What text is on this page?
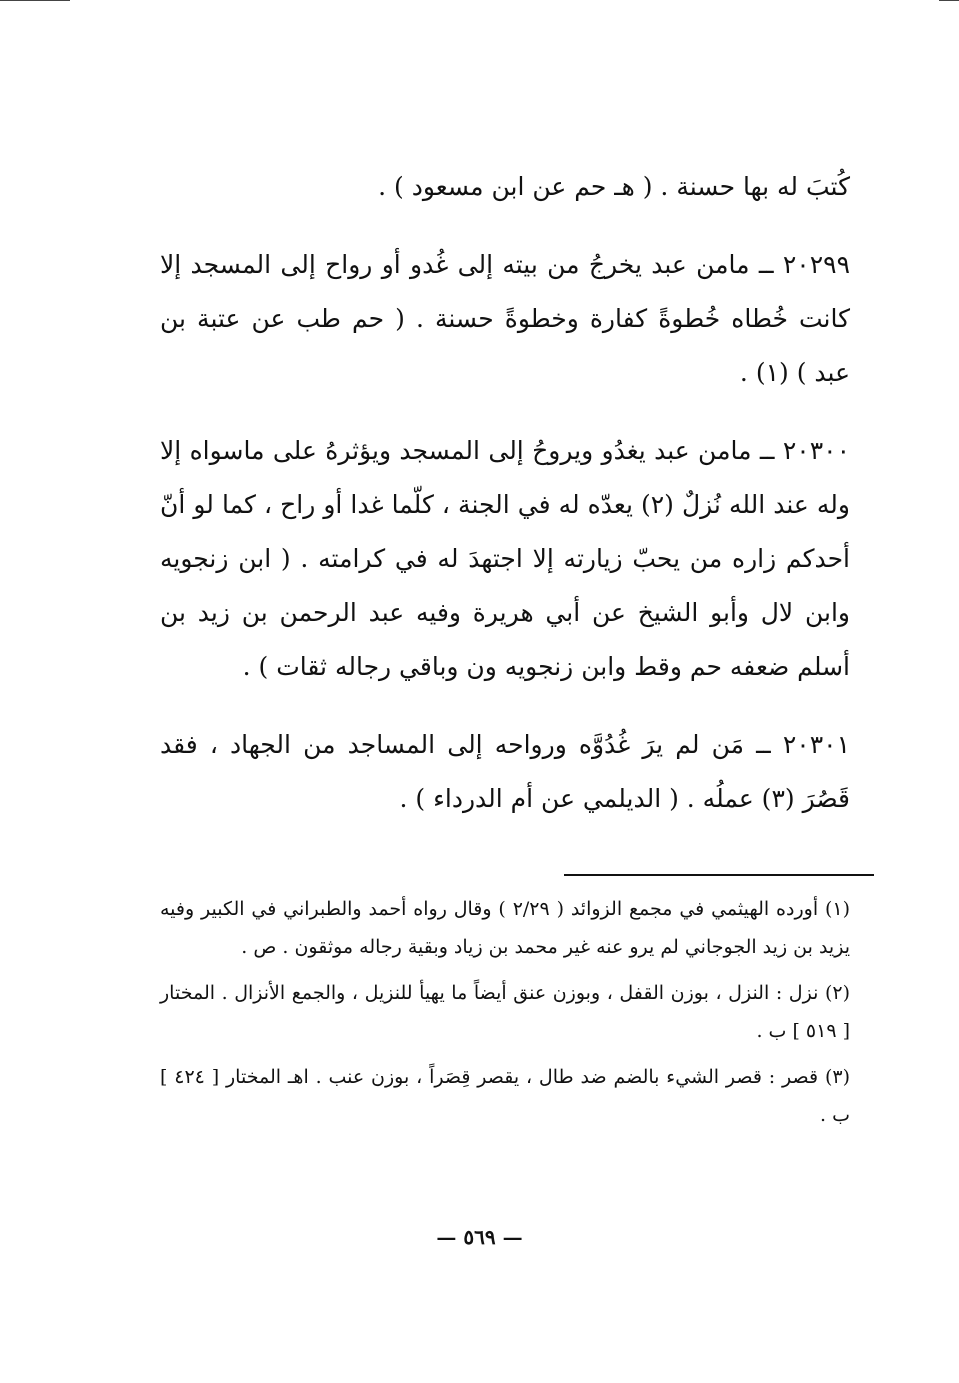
كُتبَ له بها حسنة . ( هـ حم عن ابن مسعود ) .

٢٠٢٩٩ ــ مامن عبد يخرجُ من بيته إلى غُدو أو رواح إلى المسجد إلا كانت خُطاه خُطوةً كفارة وخطوةً حسنة . ( حم طب عن عتبة بن عبد ) (١) .

٢٠٣٠٠ ــ مامن عبد يغدُو ويروحُ إلى المسجد ويؤثرهُ على ماسواه إلا وله عند الله نُزلٌ (٢) يعدّه له في الجنة ، كلّما غدا أو راح ، كما لو أنّ أحدكم زاره من يحبّ زيارته إلا اجتهدَ له في كرامته . ( ابن زنجويه وابن لال وأبو الشيخ عن أبي هريرة وفيه عبد الرحمن بن زيد بن أسلم ضعفه حم وقط وابن زنجويه ون وباقي رجاله ثقات ) .

٢٠٣٠١ ــ مَن لم يرَ غُدُوَّه ورواحه إلى المساجد من الجهاد ، فقد قَصُرَ (٣) عملُه . ( الديلمي عن أم الدرداء ) .

(١) أورده الهيثمي في مجمع الزوائد ( ٢/٢٩ ) وقال رواه أحمد والطبراني في الكبير وفيه يزيد بن زيد الجوجاني لم يرو عنه غير محمد بن زياد وبقية رجاله موثقون . ص .

(٢) نزل : النزل ، بوزن القفل ، وبوزن عنق أيضاً ما يهيأ للنزيل ، والجمع الأنزال . المختار [ ٥١٩ ] ب .

(٣) قصر : قصر الشيء بالضم ضد طال ، يقصر قِصَراً ، بوزن عنب . اهـ المختار [ ٤٢٤ ] ب .

— ٥٦٩ —
